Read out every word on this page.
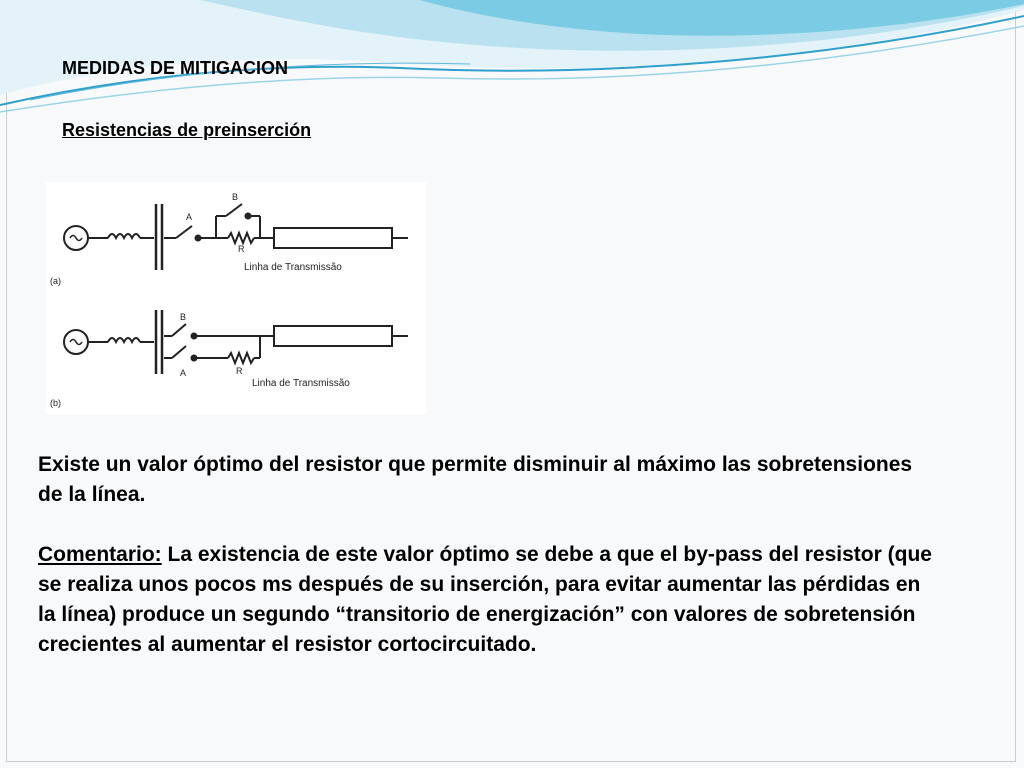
MEDIDAS DE MITIGACION
Resistencias de preinserción
A
B
R
Linha de Transmissão
(a)
B
A	R
Linha de Transmissão
(b)

Existe un valor óptimo del resistor que permite disminuir al máximo las sobretensiones de la línea.

Comentario: La existencia de este valor óptimo se debe a que el by-pass del resistor (que se realiza unos pocos ms después de su inserción, para evitar aumentar las pérdidas en la línea) produce un segundo “transitorio de energización” con valores de sobretensión crecientes al aumentar el resistor cortocircuitado.
